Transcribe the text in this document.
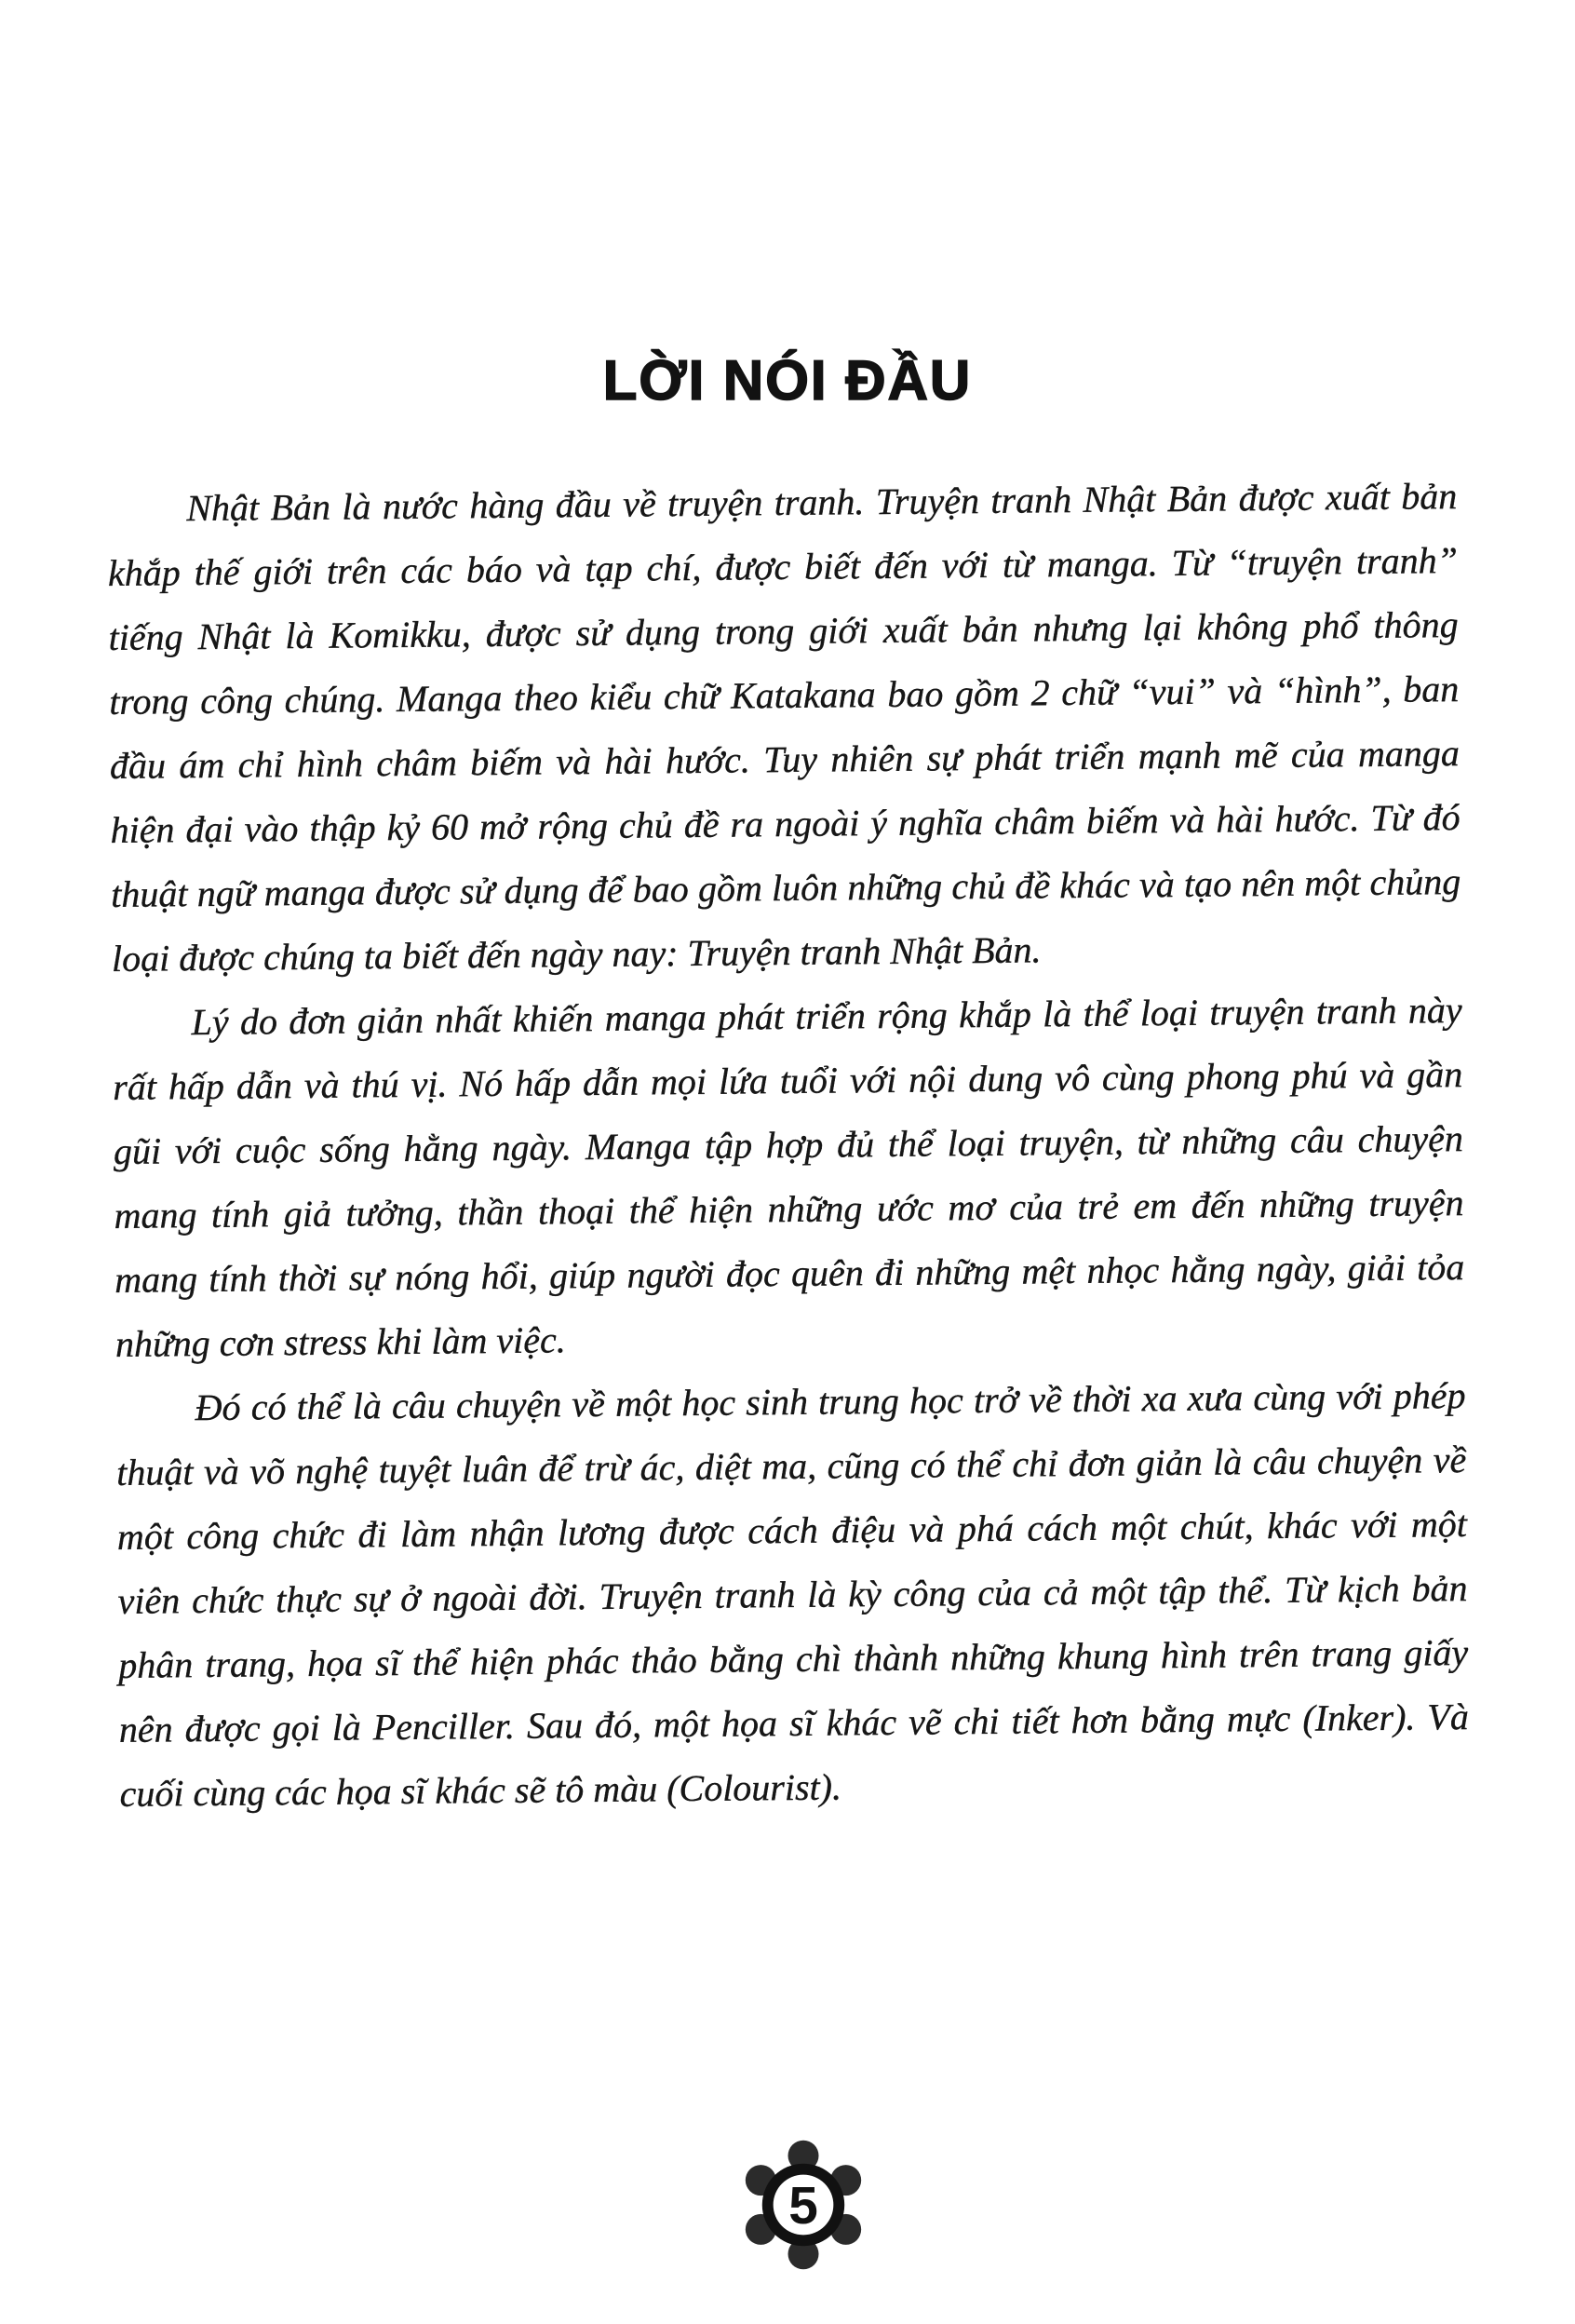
LỜI NÓI ĐẦU

Nhật Bản là nước hàng đầu về truyện tranh. Truyện tranh Nhật Bản được xuất bản khắp thế giới trên các báo và tạp chí, được biết đến với từ manga. Từ “truyện tranh” tiếng Nhật là Komikku, được sử dụng trong giới xuất bản nhưng lại không phổ thông trong công chúng. Manga theo kiểu chữ Katakana bao gồm 2 chữ “vui” và “hình”, ban đầu ám chỉ hình châm biếm và hài hước. Tuy nhiên sự phát triển mạnh mẽ của manga hiện đại vào thập kỷ 60 mở rộng chủ đề ra ngoài ý nghĩa châm biếm và hài hước. Từ đó thuật ngữ manga được sử dụng để bao gồm luôn những chủ đề khác và tạo nên một chủng loại được chúng ta biết đến ngày nay: Truyện tranh Nhật Bản.

Lý do đơn giản nhất khiến manga phát triển rộng khắp là thể loại truyện tranh này rất hấp dẫn và thú vị. Nó hấp dẫn mọi lứa tuổi với nội dung vô cùng phong phú và gần gũi với cuộc sống hằng ngày. Manga tập hợp đủ thể loại truyện, từ những câu chuyện mang tính giả tưởng, thần thoại thể hiện những ước mơ của trẻ em đến những truyện mang tính thời sự nóng hổi, giúp người đọc quên đi những mệt nhọc hằng ngày, giải tỏa những cơn stress khi làm việc.

Đó có thể là câu chuyện về một học sinh trung học trở về thời xa xưa cùng với phép thuật và võ nghệ tuyệt luân để trừ ác, diệt ma, cũng có thể chỉ đơn giản là câu chuyện về một công chức đi làm nhận lương được cách điệu và phá cách một chút, khác với một viên chức thực sự ở ngoài đời. Truyện tranh là kỳ công của cả một tập thể. Từ kịch bản phân trang, họa sĩ thể hiện phác thảo bằng chì thành những khung hình trên trang giấy nên được gọi là Penciller. Sau đó, một họa sĩ khác vẽ chi tiết hơn bằng mực (Inker). Và cuối cùng các họa sĩ khác sẽ tô màu (Colourist).

5
